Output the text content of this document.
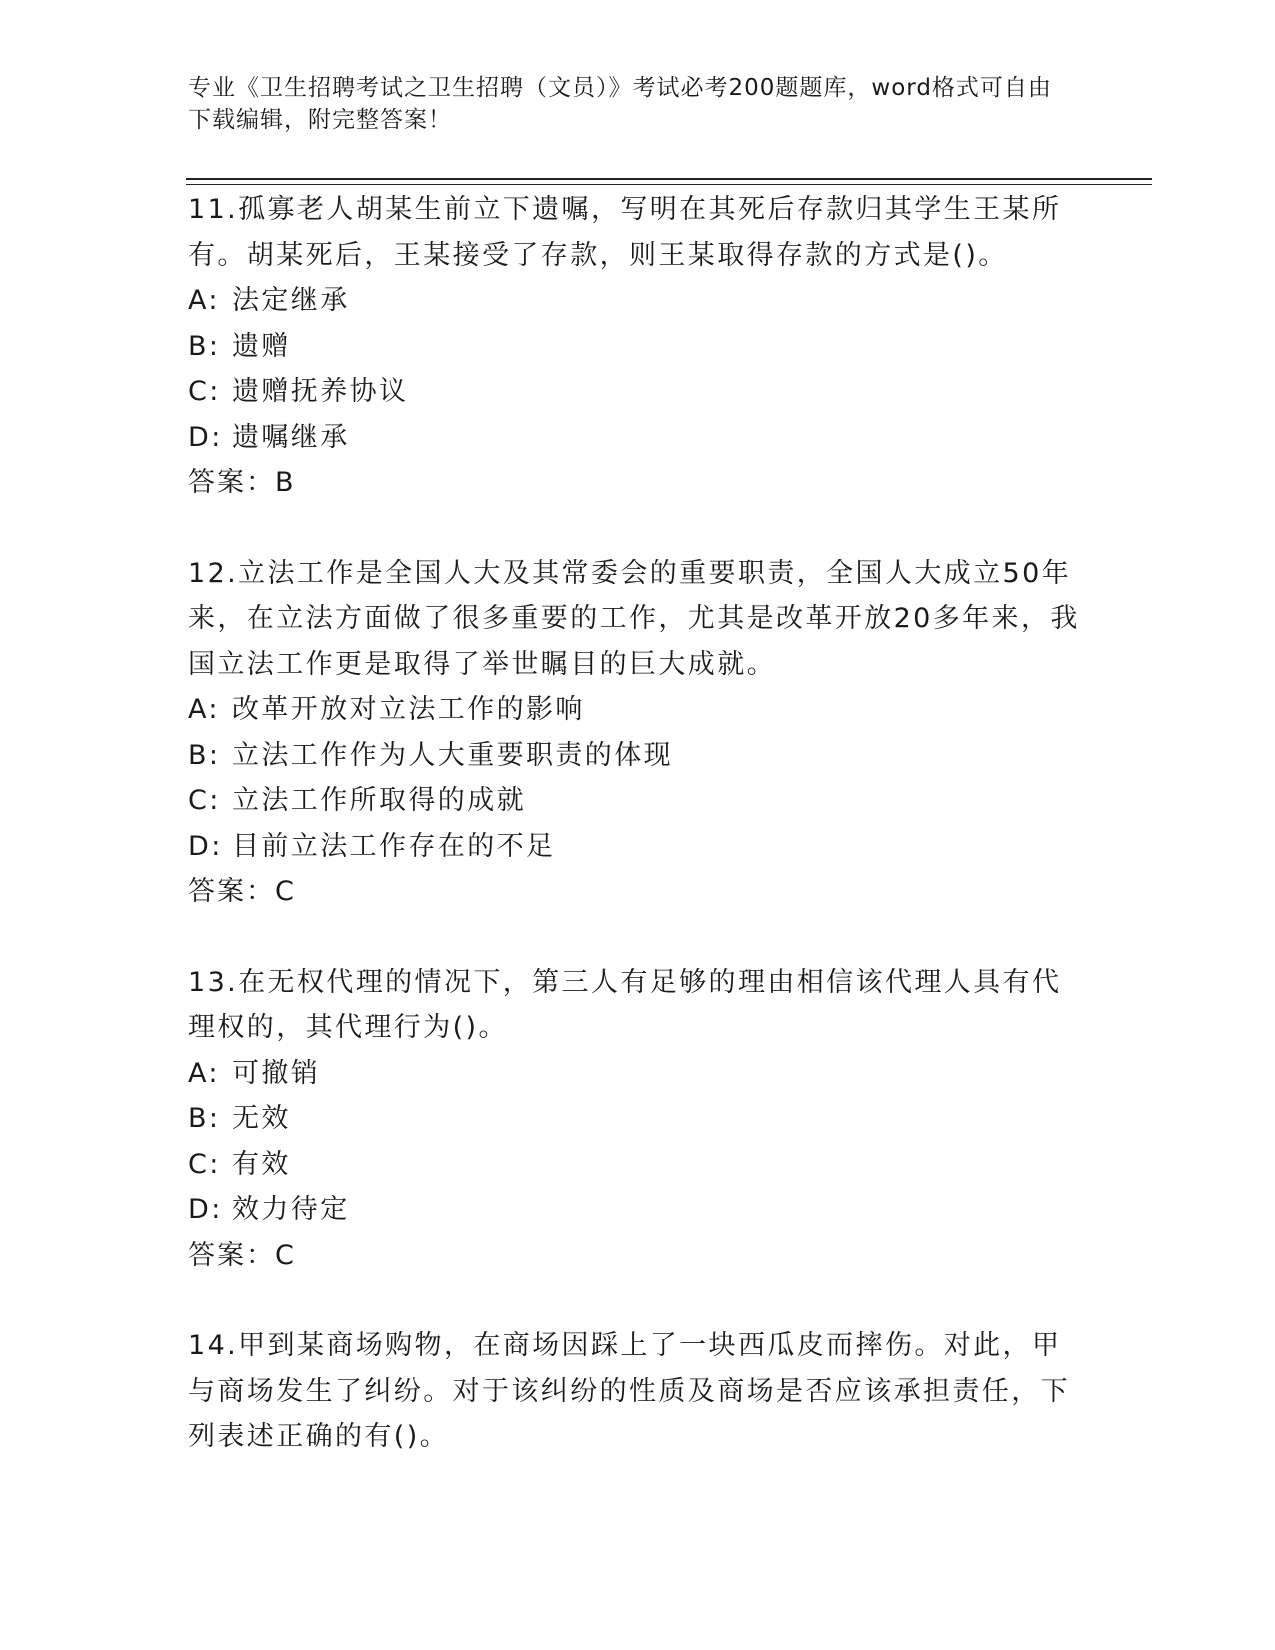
专业《卫生招聘考试之卫生招聘（文员）》考试必考200题题库，word格式可自由下载编辑，附完整答案！

11.孤寡老人胡某生前立下遗嘱，写明在其死后存款归其学生王某所有。胡某死后，王某接受了存款，则王某取得存款的方式是()。

A: 法定继承
B: 遗赠
C: 遗赠抚养协议
D: 遗嘱继承
答案：B

12.立法工作是全国人大及其常委会的重要职责，全国人大成立50年来，在立法方面做了很多重要的工作，尤其是改革开放20多年来，我国立法工作更是取得了举世瞩目的巨大成就。

A: 改革开放对立法工作的影响
B: 立法工作作为人大重要职责的体现
C: 立法工作所取得的成就
D: 目前立法工作存在的不足
答案：C

13.在无权代理的情况下，第三人有足够的理由相信该代理人具有代理权的，其代理行为()。

A: 可撤销
B: 无效
C: 有效
D: 效力待定
答案：C

14.甲到某商场购物，在商场因踩上了一块西瓜皮而摔伤。对此，甲与商场发生了纠纷。对于该纠纷的性质及商场是否应该承担责任，下列表述正确的有()。
